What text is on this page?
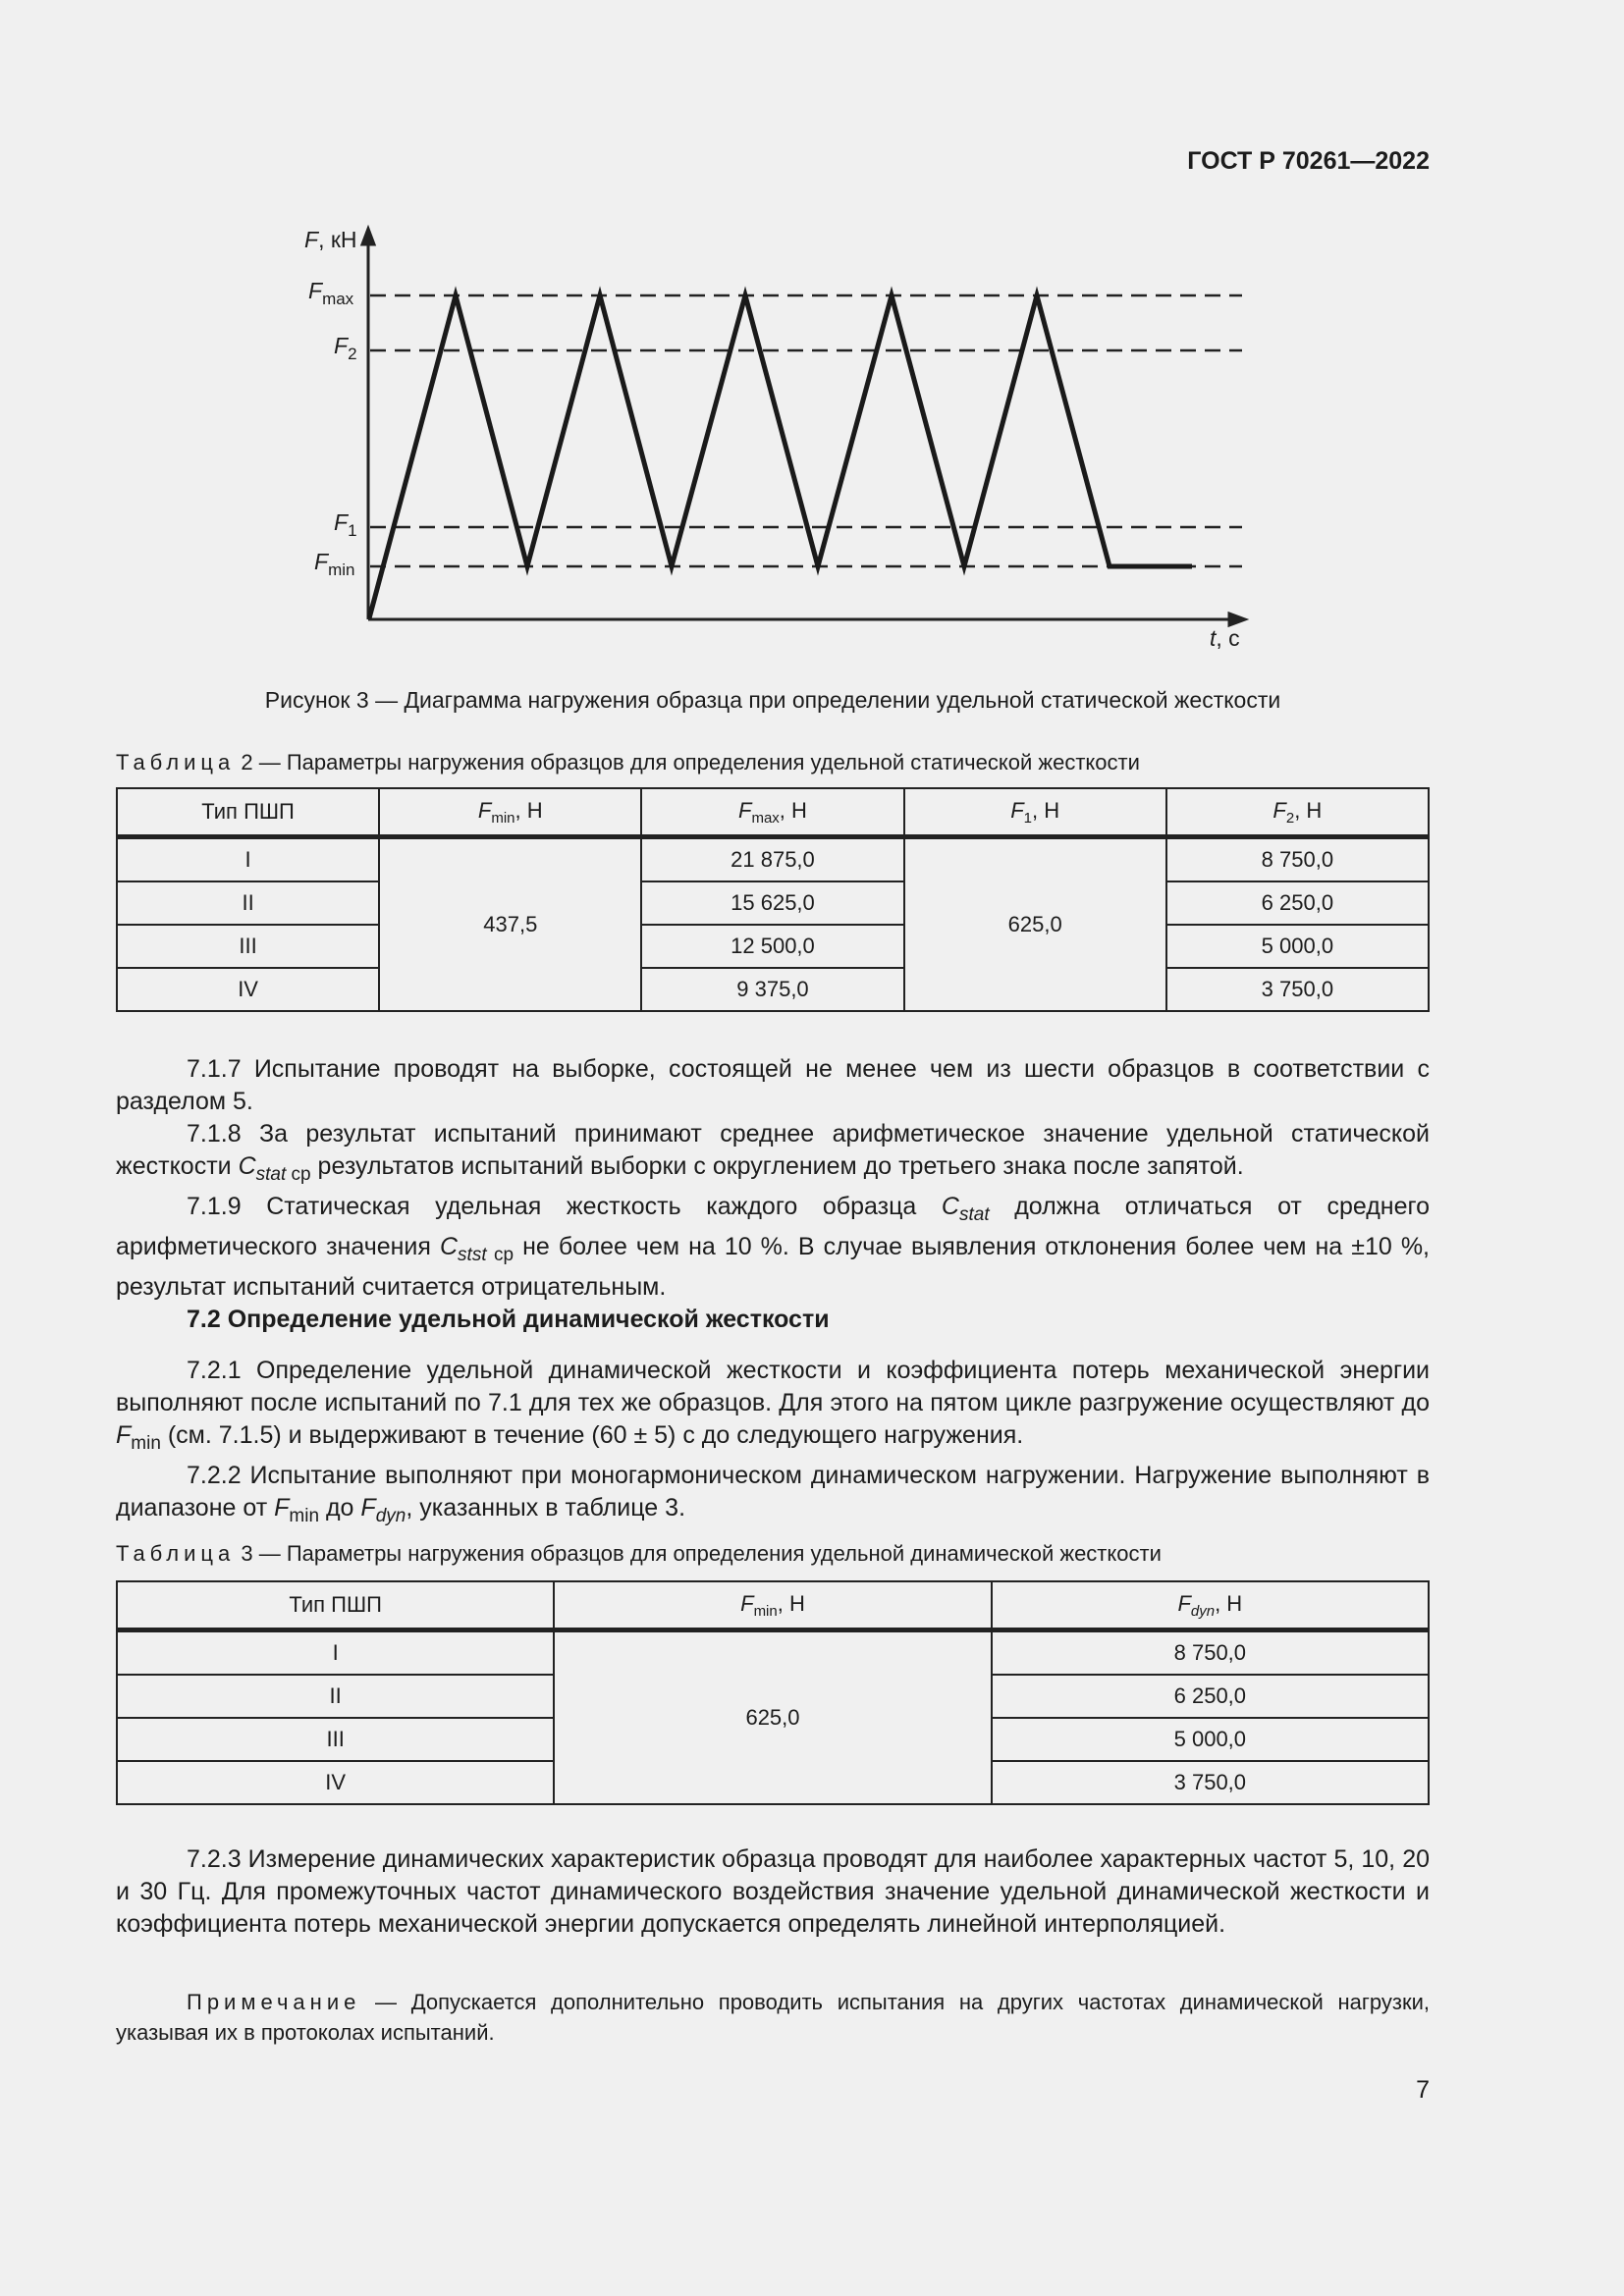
ГОСТ Р 70261—2022
F, кН
$F_{max}$
$F_2$
$F_1$
$F_{min}$
t, с
Рисунок 3 — Диаграмма нагружения образца при определении удельной статической жесткости
Таблица 2 — Параметры нагружения образцов для определения удельной статической жесткости
Тип ПШП	$F_{min}$, Н	$F_{max}$, Н	$F_1$, Н	$F_2$, Н
I	437,5	21 875,0	625,0	8 750,0
II		15 625,0		6 250,0
III		12 500,0		5 000,0
IV		9 375,0		3 750,0

7.1.7 Испытание проводят на выборке, состоящей не менее чем из шести образцов в соответствии с разделом 5.

7.1.8 За результат испытаний принимают среднее арифметическое значение удельной статической жесткости $C_{stat ср}$ результатов испытаний выборки с округлением до третьего знака после запятой.

7.1.9 Статическая удельная жесткость каждого образца $C_{stat}$ должна отличаться от среднего арифметического значения $C_{stst ср}$ не более чем на 10 %. В случае выявления отклонения более чем на ±10 %, результат испытаний считается отрицательным.

7.2 Определение удельной динамической жесткости

7.2.1 Определение удельной динамической жесткости и коэффициента потерь механической энергии выполняют после испытаний по 7.1 для тех же образцов. Для этого на пятом цикле разгружение осуществляют до $F_{min}$ (см. 7.1.5) и выдерживают в течение (60 ± 5) с до следующего нагружения.

7.2.2 Испытание выполняют при моногармоническом динамическом нагружении. Нагружение выполняют в диапазоне от $F_{min}$ до $F_{dyn}$, указанных в таблице 3.

Таблица 3 — Параметры нагружения образцов для определения удельной динамической жесткости
Тип ПШП	$F_{min}$, Н	$F_{dyn}$, Н
I	625,0	8 750,0
II		6 250,0
III		5 000,0
IV		3 750,0

7.2.3 Измерение динамических характеристик образца проводят для наиболее характерных частот 5, 10, 20 и 30 Гц. Для промежуточных частот динамического воздействия значение удельной динамической жесткости и коэффициента потерь механической энергии допускается определять линейной интерполяцией.

Примечание — Допускается дополнительно проводить испытания на других частотах динамической нагрузки, указывая их в протоколах испытаний.

7
